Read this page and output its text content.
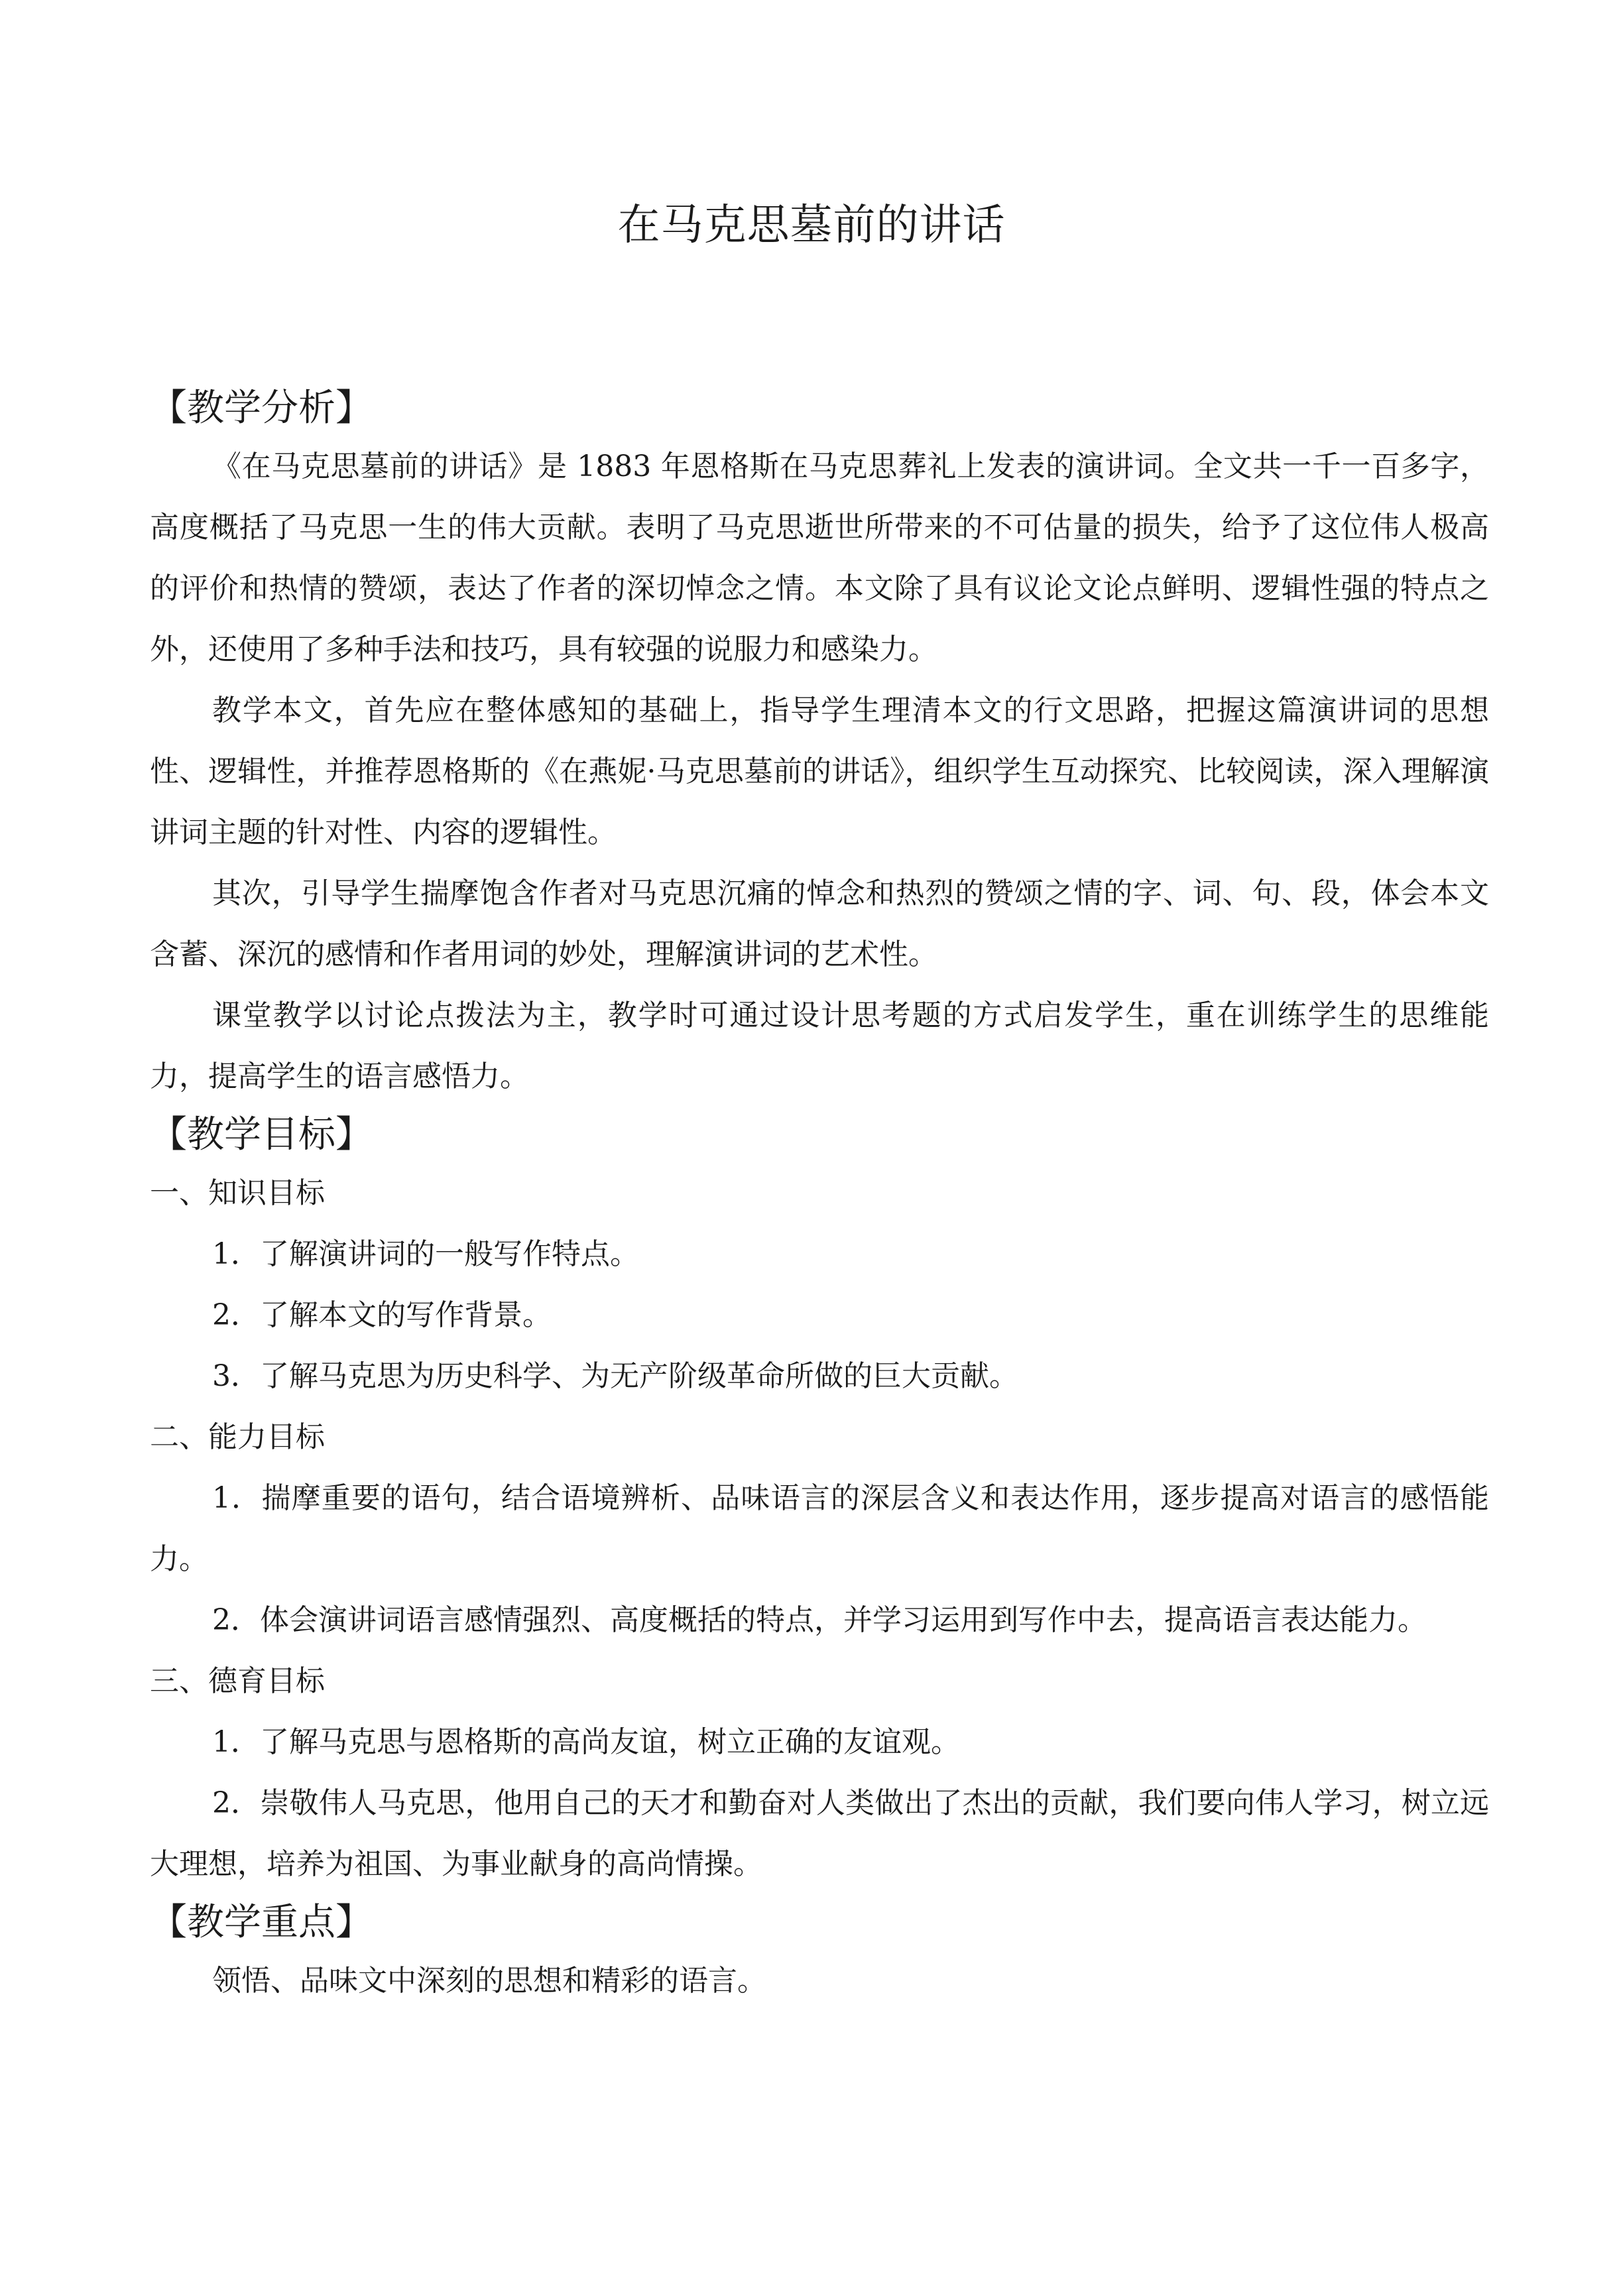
在马克思墓前的讲话
【教学分析】

《在马克思墓前的讲话》是 1883 年恩格斯在马克思葬礼上发表的演讲词。全文共一千一百多字，高度概括了马克思一生的伟大贡献。表明了马克思逝世所带来的不可估量的损失，给予了这位伟人极高的评价和热情的赞颂，表达了作者的深切悼念之情。本文除了具有议论文论点鲜明、逻辑性强的特点之外，还使用了多种手法和技巧，具有较强的说服力和感染力。

教学本文，首先应在整体感知的基础上，指导学生理清本文的行文思路，把握这篇演讲词的思想性、逻辑性，并推荐恩格斯的《在燕妮·马克思墓前的讲话》，组织学生互动探究、比较阅读，深入理解演讲词主题的针对性、内容的逻辑性。

其次，引导学生揣摩饱含作者对马克思沉痛的悼念和热烈的赞颂之情的字、词、句、段，体会本文含蓄、深沉的感情和作者用词的妙处，理解演讲词的艺术性。

课堂教学以讨论点拨法为主，教学时可通过设计思考题的方式启发学生，重在训练学生的思维能力，提高学生的语言感悟力。

【教学目标】
一、知识目标

1．了解演讲词的一般写作特点。

2．了解本文的写作背景。

3．了解马克思为历史科学、为无产阶级革命所做的巨大贡献。

二、能力目标

1．揣摩重要的语句，结合语境辨析、品味语言的深层含义和表达作用，逐步提高对语言的感悟能力。

2．体会演讲词语言感情强烈、高度概括的特点，并学习运用到写作中去，提高语言表达能力。

三、德育目标

1．了解马克思与恩格斯的高尚友谊，树立正确的友谊观。

2．崇敬伟人马克思，他用自己的天才和勤奋对人类做出了杰出的贡献，我们要向伟人学习，树立远大理想，培养为祖国、为事业献身的高尚情操。

【教学重点】

领悟、品味文中深刻的思想和精彩的语言。
